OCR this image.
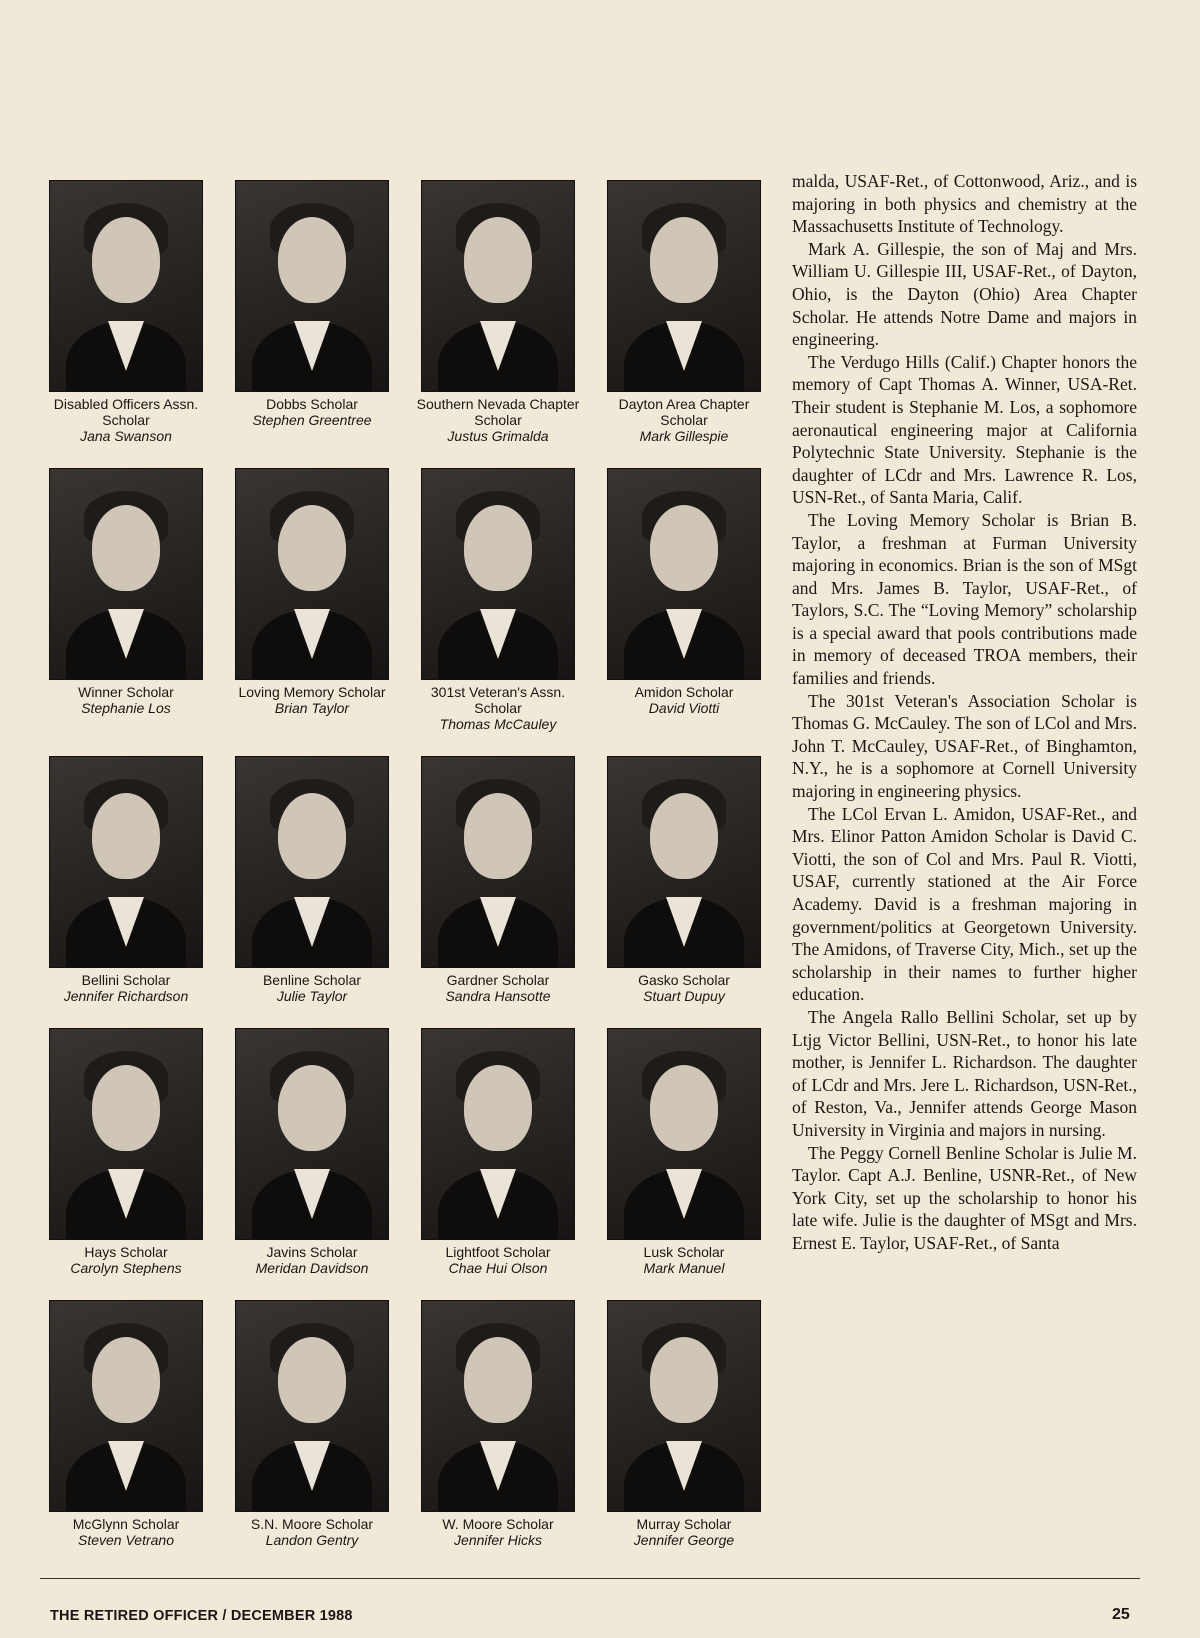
Disabled Officers Assn. Scholar
Jana Swanson
Dobbs Scholar
Stephen Greentree
Southern Nevada Chapter Scholar
Justus Grimalda
Dayton Area Chapter Scholar
Mark Gillespie
Winner Scholar
Stephanie Los
Loving Memory Scholar
Brian Taylor
301st Veteran's Assn. Scholar
Thomas McCauley
Amidon Scholar
David Viotti
Bellini Scholar
Jennifer Richardson
Benline Scholar
Julie Taylor
Gardner Scholar
Sandra Hansotte
Gasko Scholar
Stuart Dupuy
Hays Scholar
Carolyn Stephens
Javins Scholar
Meridan Davidson
Lightfoot Scholar
Chae Hui Olson
Lusk Scholar
Mark Manuel
McGlynn Scholar
Steven Vetrano
S.N. Moore Scholar
Landon Gentry
W. Moore Scholar
Jennifer Hicks
Murray Scholar
Jennifer George

malda, USAF-Ret., of Cottonwood, Ariz., and is majoring in both physics and chemistry at the Massachusetts Institute of Technology.

Mark A. Gillespie, the son of Maj and Mrs. William U. Gillespie III, USAF-Ret., of Dayton, Ohio, is the Dayton (Ohio) Area Chapter Scholar. He attends Notre Dame and majors in engineering.

The Verdugo Hills (Calif.) Chapter honors the memory of Capt Thomas A. Winner, USA-Ret. Their student is Stephanie M. Los, a sophomore aeronautical engineering major at California Polytechnic State University. Stephanie is the daughter of LCdr and Mrs. Lawrence R. Los, USN-Ret., of Santa Maria, Calif.

The Loving Memory Scholar is Brian B. Taylor, a freshman at Furman University majoring in economics. Brian is the son of MSgt and Mrs. James B. Taylor, USAF-Ret., of Taylors, S.C. The “Loving Memory” scholarship is a special award that pools contributions made in memory of deceased TROA members, their families and friends.

The 301st Veteran's Association Scholar is Thomas G. McCauley. The son of LCol and Mrs. John T. McCauley, USAF-Ret., of Binghamton, N.Y., he is a sophomore at Cornell University majoring in engineering physics.

The LCol Ervan L. Amidon, USAF-Ret., and Mrs. Elinor Patton Amidon Scholar is David C. Viotti, the son of Col and Mrs. Paul R. Viotti, USAF, currently stationed at the Air Force Academy. David is a freshman majoring in government/politics at Georgetown University. The Amidons, of Traverse City, Mich., set up the scholarship in their names to further higher education.

The Angela Rallo Bellini Scholar, set up by Ltjg Victor Bellini, USN-Ret., to honor his late mother, is Jennifer L. Richardson. The daughter of LCdr and Mrs. Jere L. Richardson, USN-Ret., of Reston, Va., Jennifer attends George Mason University in Virginia and majors in nursing.

The Peggy Cornell Benline Scholar is Julie M. Taylor. Capt A.J. Benline, USNR-Ret., of New York City, set up the scholarship to honor his late wife. Julie is the daughter of MSgt and Mrs. Ernest E. Taylor, USAF-Ret., of Santa

THE RETIRED OFFICER / DECEMBER 1988	25
